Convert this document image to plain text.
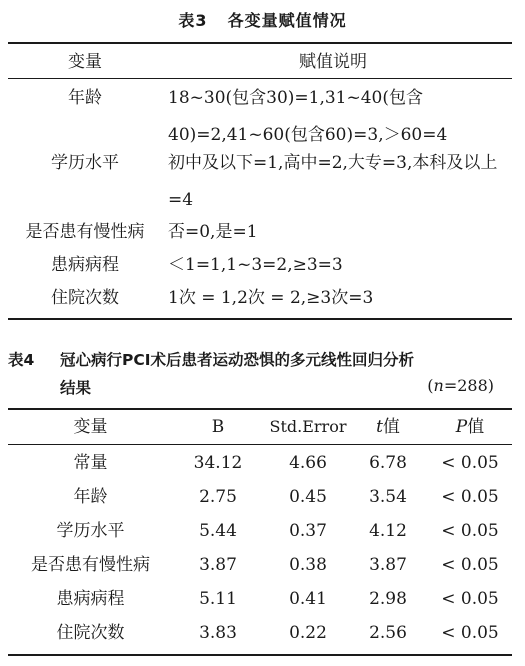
表3 各变量赋值情况
变量	赋值说明
年龄	18~30(包含30)=1,31~40(包含40)=2,41~60(包含60)=3,＞60=4
学历水平	初中及以下=1,高中=2,大专=3,本科及以上=4
是否患有慢性病	否=0,是=1
患病病程	＜1=1,1~3=2,≥3=3
住院次数	1次 = 1,2次 = 2,≥3次=3
表4 冠心病行PCI术后患者运动恐惧的多元线性回归分析
结果	(n=288)
变量	B	Std.Error	t值	P值
常量	34.12	4.66	6.78	< 0.05
年龄	2.75	0.45	3.54	< 0.05
学历水平	5.44	0.37	4.12	< 0.05
是否患有慢性病	3.87	0.38	3.87	< 0.05
患病病程	5.11	0.41	2.98	< 0.05
住院次数	3.83	0.22	2.56	< 0.05
